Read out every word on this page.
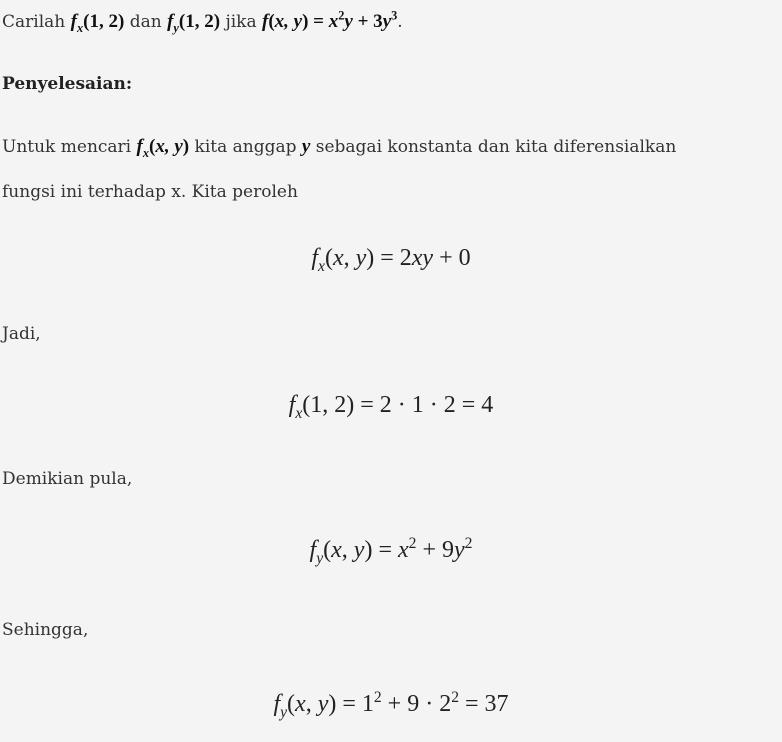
Carilah $f_x(1$, 2) dan $f_y(1$, 2) jika f(x, $y) = x^2y + 3y^3$.
Penyelesaian:
Untuk mencari $f_x(x$, y) kita anggap y sebagai konstanta dan kita diferensialkan
fungsi ini terhadap x. Kita peroleh
$f_x(x$, y) = 2xy + 0
Jadi,
$f_x(1$, 2) = 2 · 1 · 2 = 4
Demikian pula,
$f_y(x$, $y) = x^2 + 9y^2$
Sehingga,
$f_y(x$, $y) = 1^2 + 9 \cdot 2^2 = 37$
